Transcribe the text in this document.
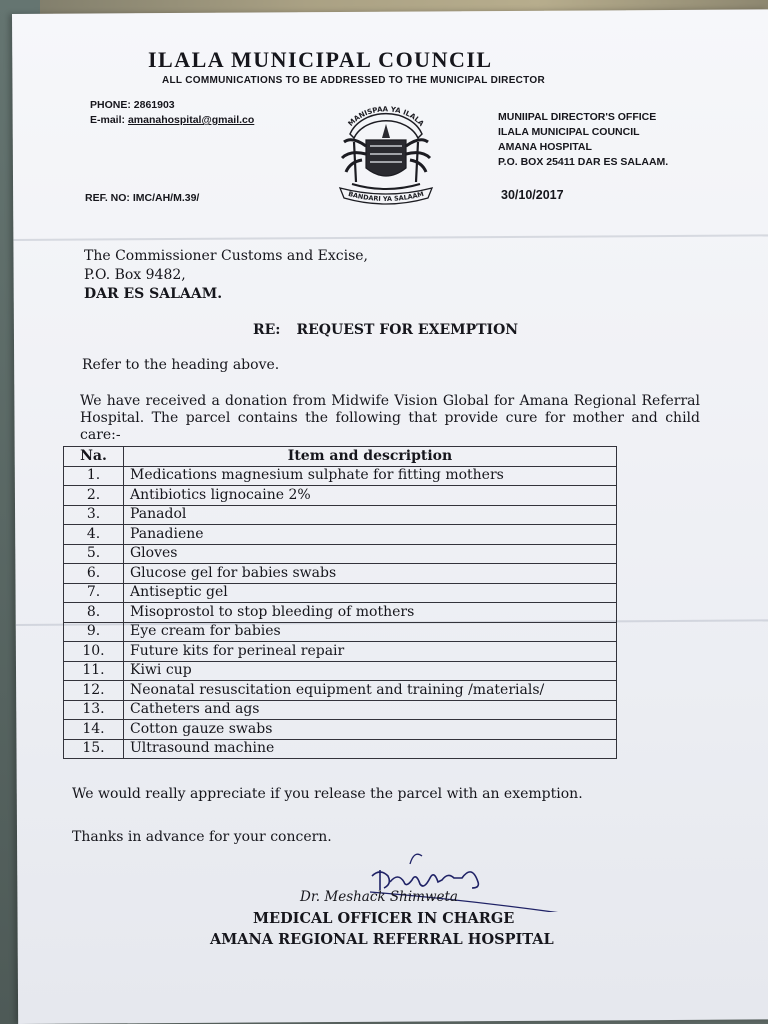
ILALA MUNICIPAL COUNCIL
ALL COMMUNICATIONS TO BE ADDRESSED TO THE MUNICIPAL DIRECTOR
PHONE: 2861903
E-mail: amanahospital@gmail.co	MANISPAA YA ILALA
BANDARI YA SALAAM
MUNIIPAL DIRECTOR'S OFFICE
ILALA MUNICIPAL COUNCIL
AMANA HOSPITAL
P.O. BOX 25411 DAR ES SALAAM.
REF. NO: IMC/AH/M.39/	30/10/2017
The Commissioner Customs and Excise,
P.O. Box 9482,
DAR ES SALAAM.
RE: REQUEST FOR EXEMPTION
Refer to the heading above.
We have received a donation from Midwife Vision Global for Amana Regional Referral Hospital. The parcel contains the following that provide cure for mother and child care:-
Na.	Item and description
1.	Medications magnesium sulphate for fitting mothers
2.	Antibiotics lignocaine 2%
3.	Panadol
4.	Panadiene
5.	Gloves
6.	Glucose gel for babies swabs
7.	Antiseptic gel
8.	Misoprostol to stop bleeding of mothers
9.	Eye cream for babies
10.	Future kits for perineal repair
11.	Kiwi cup
12.	Neonatal resuscitation equipment and training /materials/
13.	Catheters and ags
14.	Cotton gauze swabs
15.	Ultrasound machine
We would really appreciate if you release the parcel with an exemption.
Thanks in advance for your concern.
Dr. Meshack Shimweta
MEDICAL OFFICER IN CHARGE
AMANA REGIONAL REFERRAL HOSPITAL
